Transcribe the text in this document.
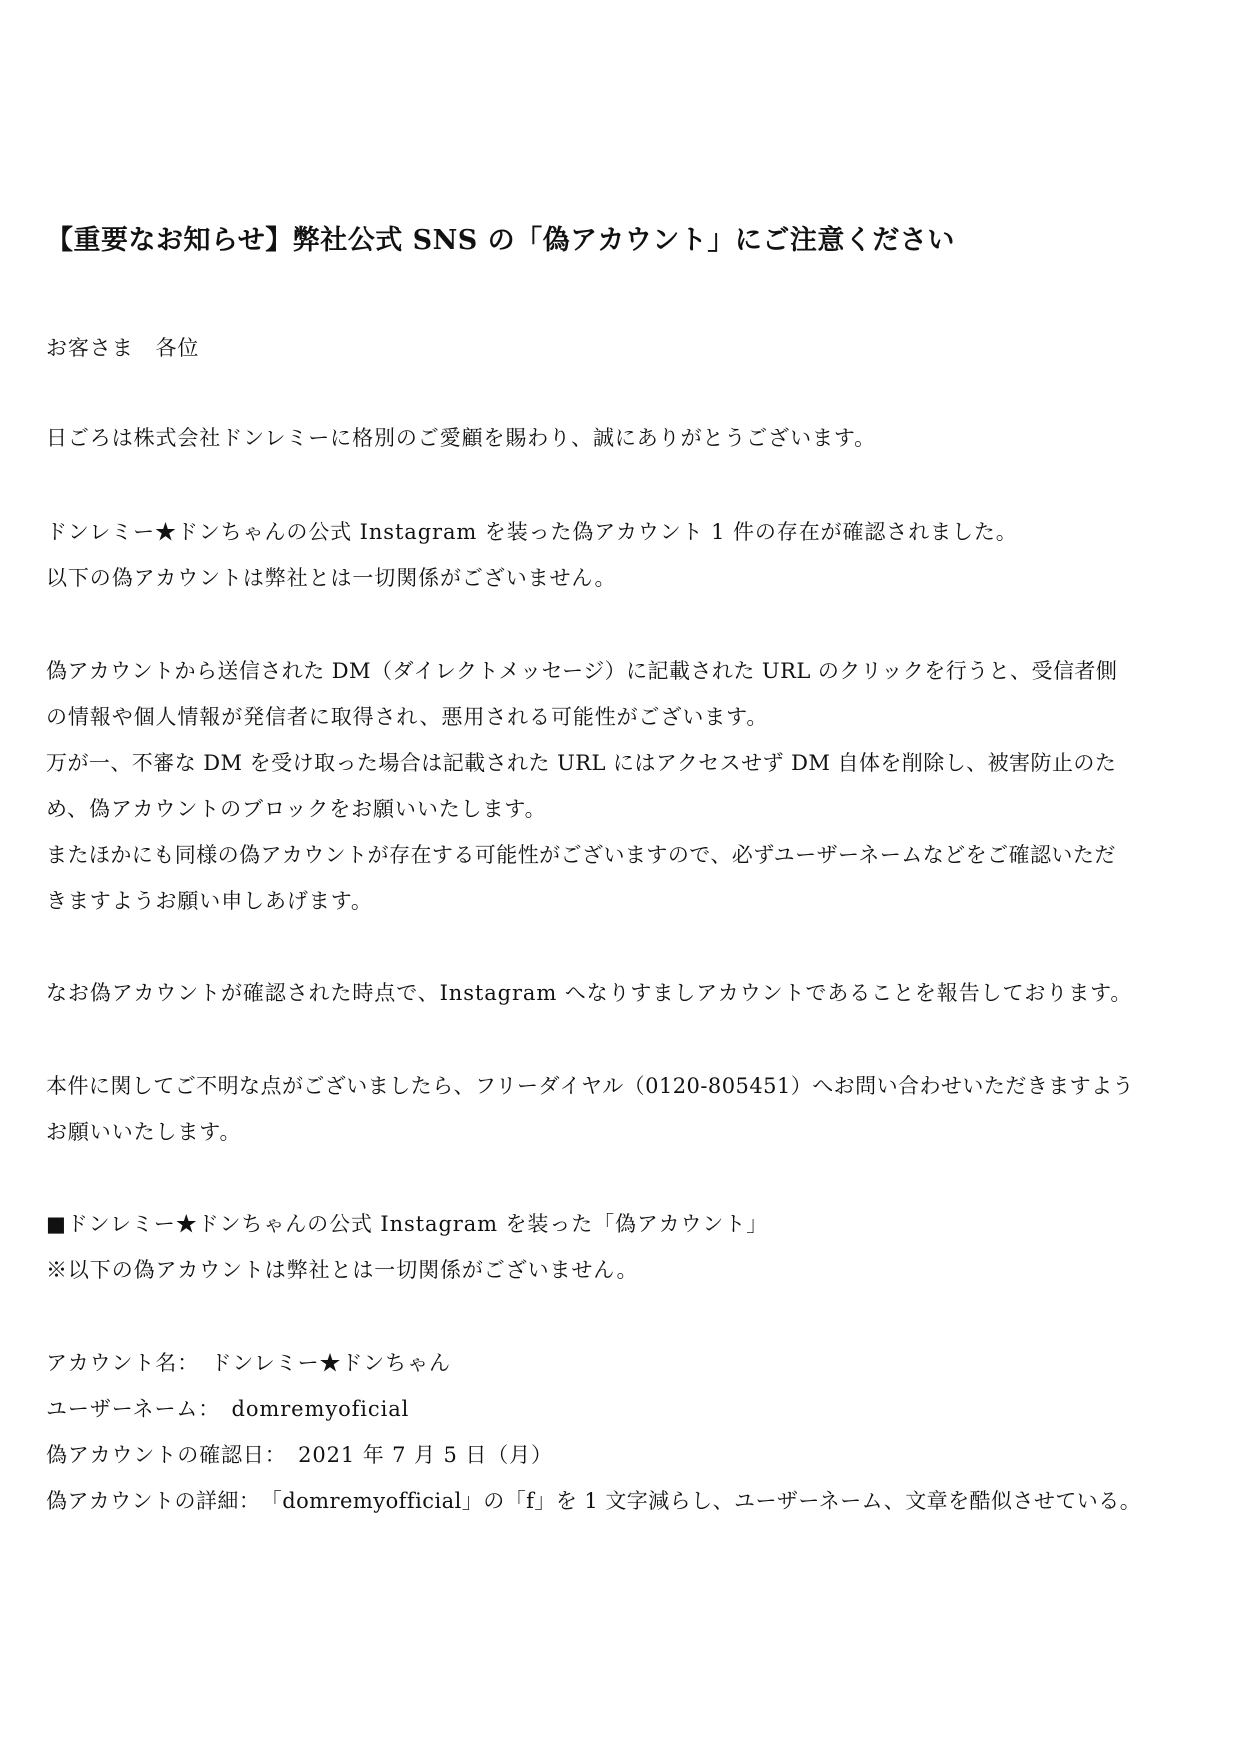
【重要なお知らせ】弊社公式 SNS の「偽アカウント」にご注意ください
お客さま　各位
日ごろは株式会社ドンレミーに格別のご愛顧を賜わり、誠にありがとうございます。
ドンレミー★ドンちゃんの公式 Instagram を装った偽アカウント 1 件の存在が確認されました。
以下の偽アカウントは弊社とは一切関係がございません。
偽アカウントから送信された DM（ダイレクトメッセージ）に記載された URL のクリックを行うと、受信者側
の情報や個人情報が発信者に取得され、悪用される可能性がございます。
万が一、不審な DM を受け取った場合は記載された URL にはアクセスせず DM 自体を削除し、被害防止のた
め、偽アカウントのブロックをお願いいたします。
またほかにも同様の偽アカウントが存在する可能性がございますので、必ずユーザーネームなどをご確認いただ
きますようお願い申しあげます。
なお偽アカウントが確認された時点で、Instagram へなりすましアカウントであることを報告しております。
本件に関してご不明な点がございましたら、フリーダイヤル（0120-805451）へお問い合わせいただきますよう
お願いいたします。
■ドンレミー★ドンちゃんの公式 Instagram を装った「偽アカウント」
※以下の偽アカウントは弊社とは一切関係がございません。
アカウント名：　ドンレミー★ドンちゃん
ユーザーネーム：　domremyoficial
偽アカウントの確認日：　2021 年 7 月 5 日（月）
偽アカウントの詳細：　「domremyofficial」の「f」を 1 文字減らし、ユーザーネーム、文章を酷似させている。
